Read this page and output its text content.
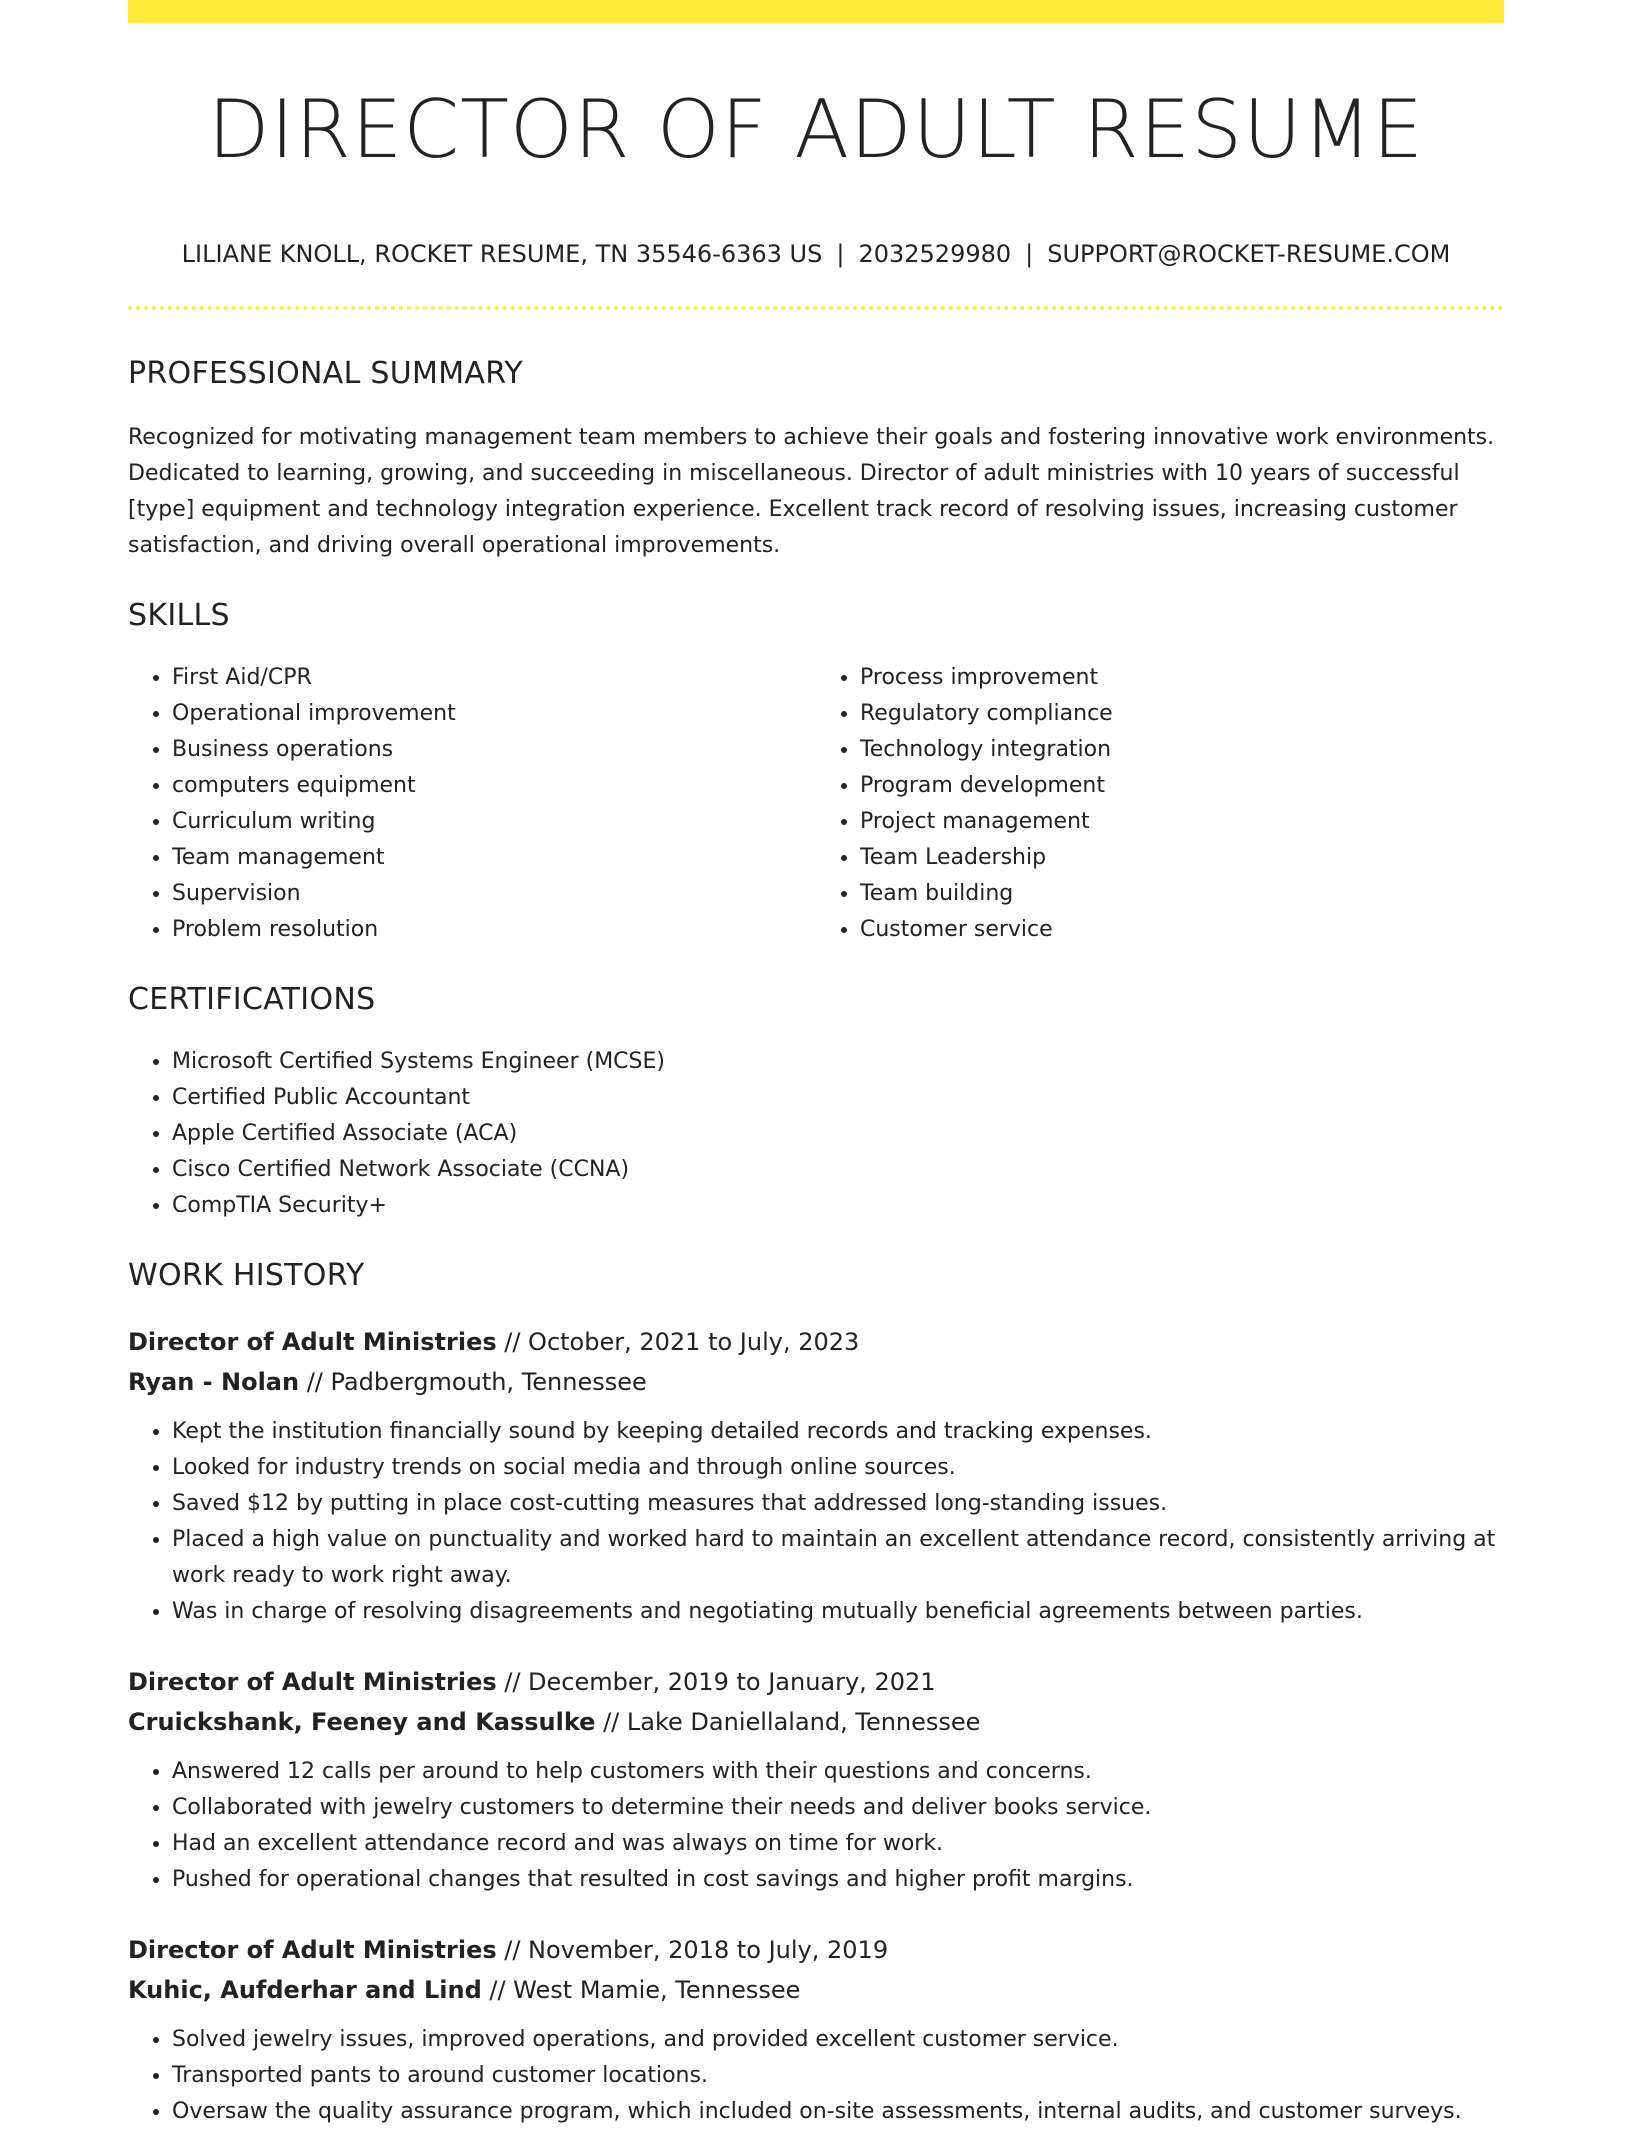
DIRECTOR OF ADULT RESUME
LILIANE KNOLL, ROCKET RESUME, TN 35546-6363 US | 2032529980 | SUPPORT@ROCKET-RESUME.COM
PROFESSIONAL SUMMARY

Recognized for motivating management team members to achieve their goals and fostering innovative work environments. Dedicated to learning, growing, and succeeding in miscellaneous. Director of adult ministries with 10 years of successful [type] equipment and technology integration experience. Excellent track record of resolving issues, increasing customer satisfaction, and driving overall operational improvements.

SKILLS
• First Aid/CPR
• Operational improvement
• Business operations
• computers equipment
• Curriculum writing
• Team management
• Supervision
• Problem resolution
• Process improvement
• Regulatory compliance
• Technology integration
• Program development
• Project management
• Team Leadership
• Team building
• Customer service
CERTIFICATIONS
• Microsoft Certified Systems Engineer (MCSE)
• Certified Public Accountant
• Apple Certified Associate (ACA)
• Cisco Certified Network Associate (CCNA)
• CompTIA Security+
WORK HISTORY
Director of Adult Ministries // October, 2021 to July, 2023
Ryan - Nolan // Padbergmouth, Tennessee
• Kept the institution financially sound by keeping detailed records and tracking expenses.
• Looked for industry trends on social media and through online sources.
• Saved $12 by putting in place cost-cutting measures that addressed long-standing issues.
• Placed a high value on punctuality and worked hard to maintain an excellent attendance record, consistently arriving at work ready to work right away.
• Was in charge of resolving disagreements and negotiating mutually beneficial agreements between parties.
Director of Adult Ministries // December, 2019 to January, 2021
Cruickshank, Feeney and Kassulke // Lake Daniellaland, Tennessee
• Answered 12 calls per around to help customers with their questions and concerns.
• Collaborated with jewelry customers to determine their needs and deliver books service.
• Had an excellent attendance record and was always on time for work.
• Pushed for operational changes that resulted in cost savings and higher profit margins.
Director of Adult Ministries // November, 2018 to July, 2019
Kuhic, Aufderhar and Lind // West Mamie, Tennessee
• Solved jewelry issues, improved operations, and provided excellent customer service.
• Transported pants to around customer locations.
• Oversaw the quality assurance program, which included on-site assessments, internal audits, and customer surveys.
